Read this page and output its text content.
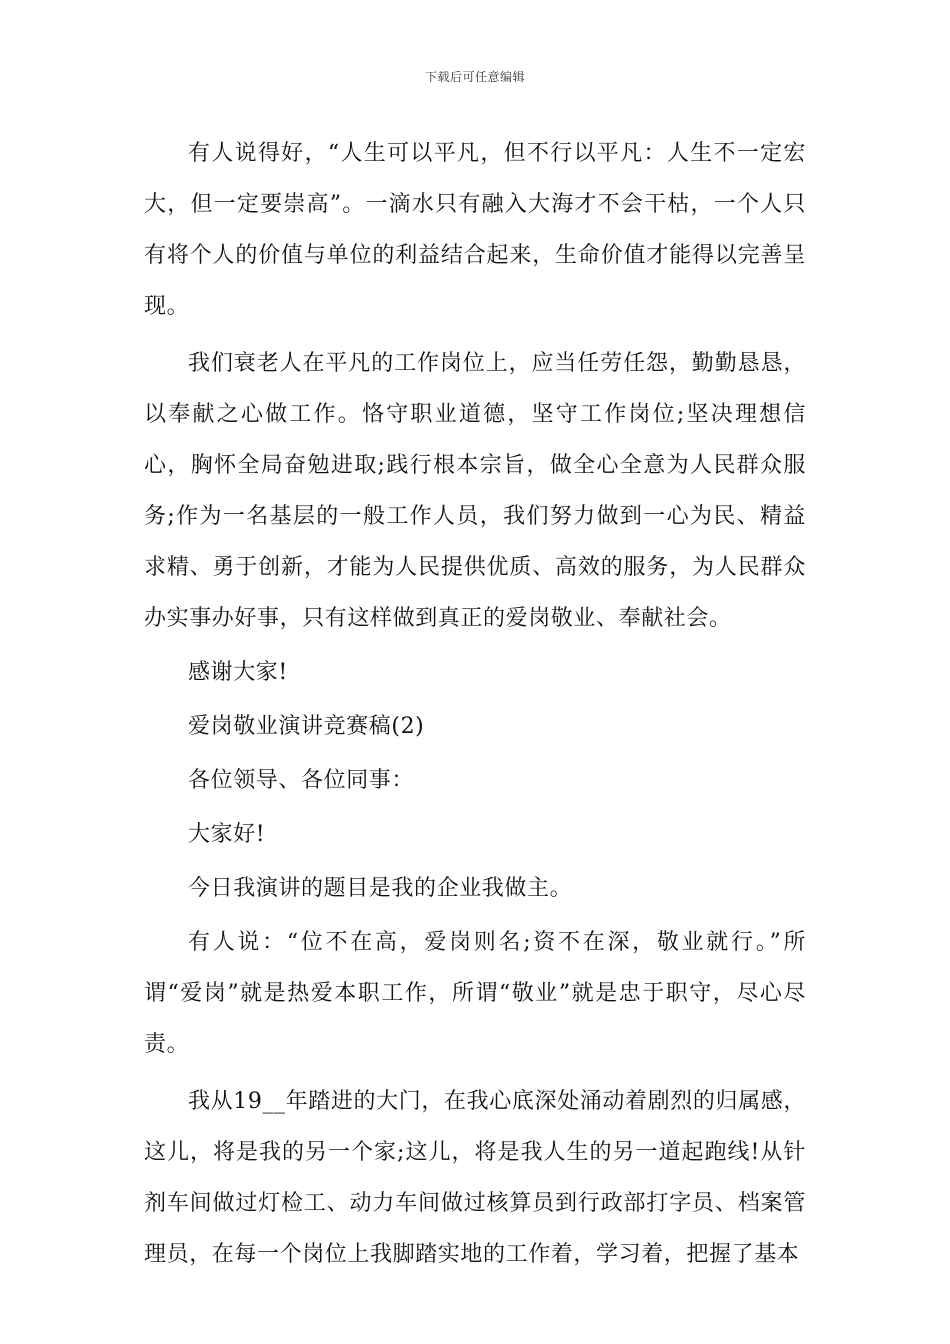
下载后可任意编辑

有人说得好，“人生可以平凡，但不行以平凡：人生不一定宏大，但一定要崇高”。一滴水只有融入大海才不会干枯，一个人只有将个人的价值与单位的利益结合起来，生命价值才能得以完善呈现。

我们衰老人在平凡的工作岗位上，应当任劳任怨，勤勤恳恳，以奉献之心做工作。恪守职业道德，坚守工作岗位;坚决理想信心，胸怀全局奋勉进取;践行根本宗旨，做全心全意为人民群众服务;作为一名基层的一般工作人员，我们努力做到一心为民、精益求精、勇于创新，才能为人民提供优质、高效的服务，为人民群众办实事办好事，只有这样做到真正的爱岗敬业、奉献社会。

感谢大家!

爱岗敬业演讲竞赛稿(2)

各位领导、各位同事：

大家好!

今日我演讲的题目是我的企业我做主。

有人说：“位不在高，爱岗则名;资不在深，敬业就行。”所谓“爱岗”就是热爱本职工作，所谓“敬业”就是忠于职守，尽心尽责。

我从19__年踏进的大门，在我心底深处涌动着剧烈的归属感，这儿，将是我的另一个家;这儿，将是我人生的另一道起跑线!从针剂车间做过灯检工、动力车间做过核算员到行政部打字员、档案管理员，在每一个岗位上我脚踏实地的工作着，学习着，把握了基本
